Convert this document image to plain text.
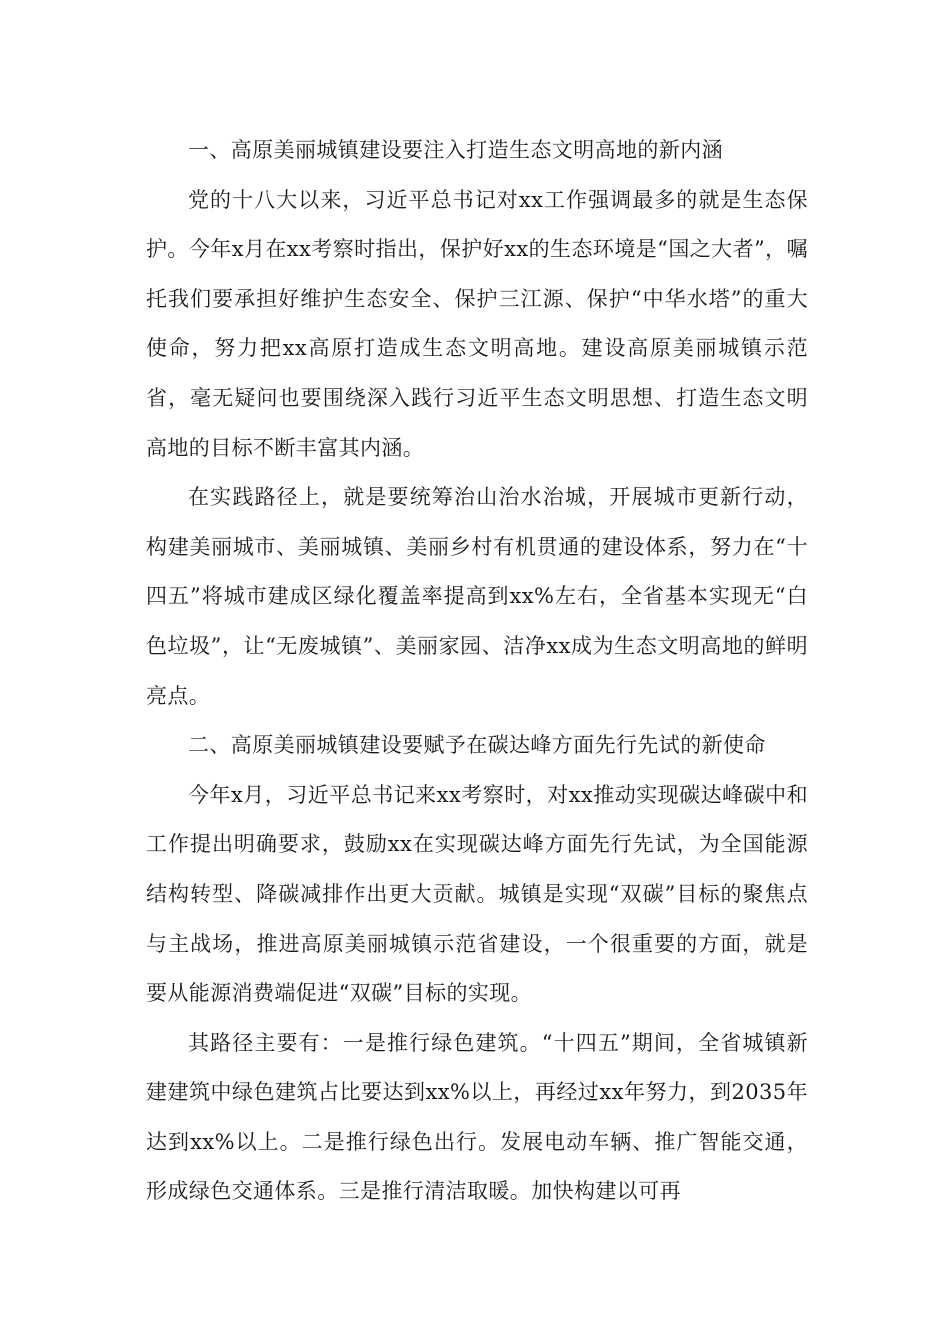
一、高原美丽城镇建设要注入打造生态文明高地的新内涵

党的十八大以来，习近平总书记对xx工作强调最多的就是生态保护。今年x月在xx考察时指出，保护好xx的生态环境是“国之大者”，嘱托我们要承担好维护生态安全、保护三江源、保护“中华水塔”的重大使命，努力把xx高原打造成生态文明高地。建设高原美丽城镇示范省，毫无疑问也要围绕深入践行习近平生态文明思想、打造生态文明高地的目标不断丰富其内涵。

在实践路径上，就是要统筹治山治水治城，开展城市更新行动，构建美丽城市、美丽城镇、美丽乡村有机贯通的建设体系，努力在“十四五”将城市建成区绿化覆盖率提高到xx%左右，全省基本实现无“白色垃圾”，让“无废城镇”、美丽家园、洁净xx成为生态文明高地的鲜明亮点。

二、高原美丽城镇建设要赋予在碳达峰方面先行先试的新使命

今年x月，习近平总书记来xx考察时，对xx推动实现碳达峰碳中和工作提出明确要求，鼓励xx在实现碳达峰方面先行先试，为全国能源结构转型、降碳减排作出更大贡献。城镇是实现“双碳”目标的聚焦点与主战场，推进高原美丽城镇示范省建设，一个很重要的方面，就是要从能源消费端促进“双碳”目标的实现。

其路径主要有：一是推行绿色建筑。“十四五”期间，全省城镇新建建筑中绿色建筑占比要达到xx%以上，再经过xx年努力，到2035年达到xx%以上。二是推行绿色出行。发展电动车辆、推广智能交通，形成绿色交通体系。三是推行清洁取暖。加快构建以可再
